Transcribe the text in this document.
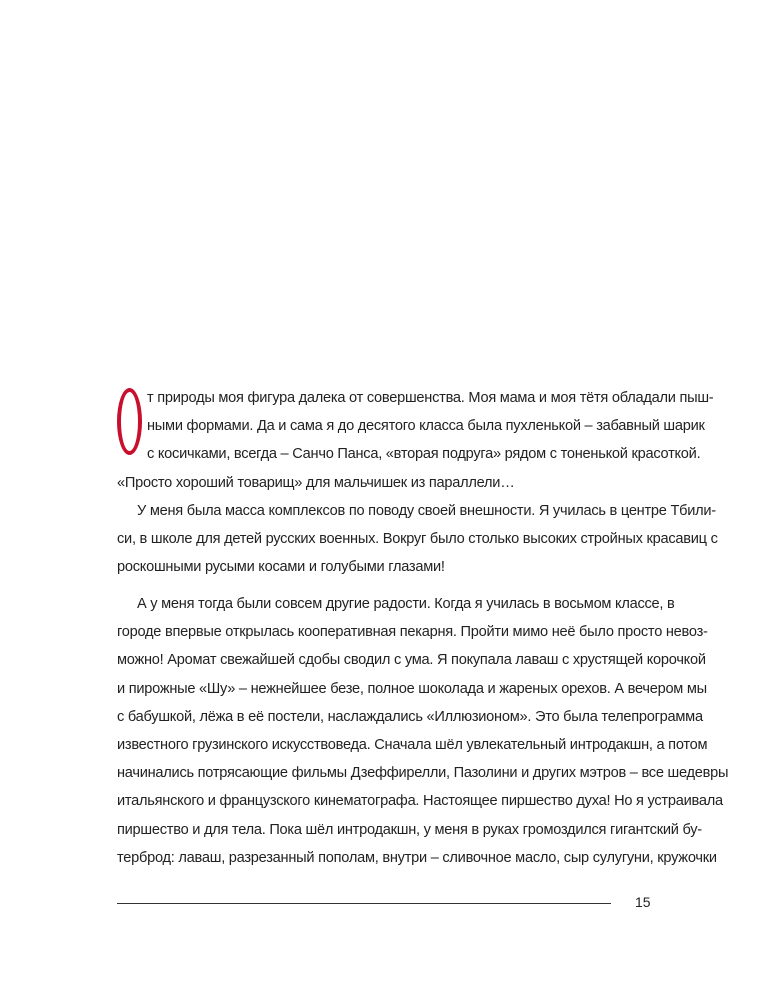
т природы моя фигура далека от совершенства. Моя мама и моя тётя обладали пыш-
ными формами. Да и сама я до десятого класса была пухленькой – забавный шарик
с косичками, всегда – Санчо Панса, «вторая подруга» рядом с тоненькой красоткой.
«Просто хороший товарищ» для мальчишек из параллели…
У меня была масса комплексов по поводу своей внешности. Я училась в центре Тбили-
си, в школе для детей русских военных. Вокруг было столько высоких стройных красавиц с
роскошными русыми косами и голубыми глазами!
А у меня тогда были совсем другие радости. Когда я училась в восьмом классе, в
городе впервые открылась кооперативная пекарня. Пройти мимо неё было просто невоз-
можно! Аромат свежайшей сдобы сводил с ума. Я покупала лаваш с хрустящей корочкой
и пирожные «Шу» – нежнейшее безе, полное шоколада и жареных орехов. А вечером мы
с бабушкой, лёжа в её постели, наслаждались «Иллюзионом». Это была телепрограмма
известного грузинского искусствоведа. Сначала шёл увлекательный интродакшн, а потом
начинались потрясающие фильмы Дзеффирелли, Пазолини и других мэтров – все шедевры
итальянского и французского кинематографа. Настоящее пиршество духа! Но я устраивала
пиршество и для тела. Пока шёл интродакшн, у меня в руках громоздился гигантский бу-
терброд: лаваш, разрезанный пополам, внутри – сливочное масло, сыр сулугуни, кружочки
15
